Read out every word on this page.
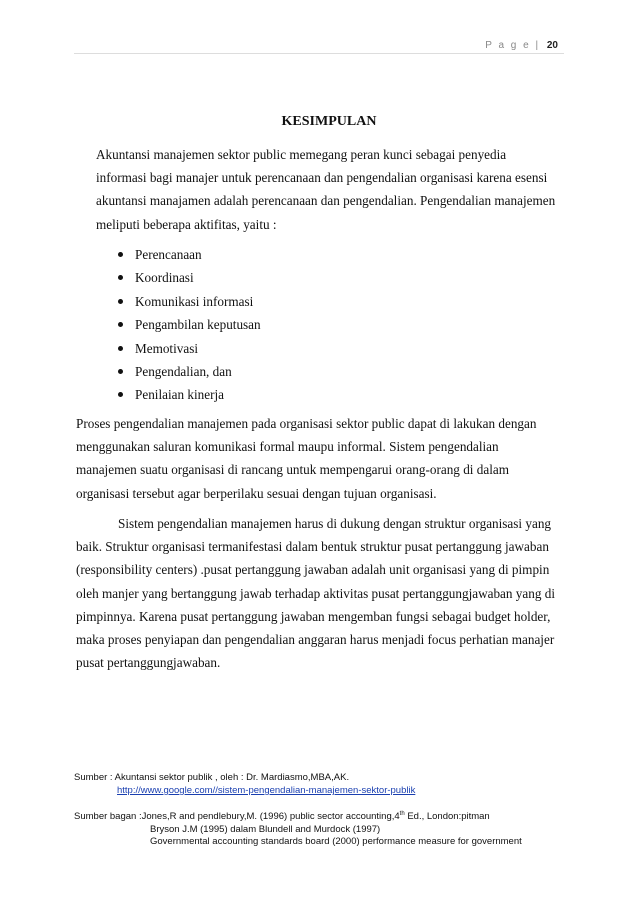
P a g e | 20
KESIMPULAN

Akuntansi manajemen sektor public memegang peran kunci sebagai penyedia informasi bagi manajer untuk perencanaan dan pengendalian organisasi karena esensi akuntansi manajamen adalah perencanaan dan pengendalian. Pengendalian manajemen meliputi beberapa aktifitas, yaitu :

Perencanaan
Koordinasi
Komunikasi informasi
Pengambilan keputusan
Memotivasi
Pengendalian, dan
Penilaian kinerja

Proses pengendalian manajemen pada organisasi sektor public dapat di lakukan dengan menggunakan saluran komunikasi formal maupu informal. Sistem pengendalian manajemen suatu organisasi di rancang untuk mempengarui orang-orang di dalam organisasi tersebut agar berperilaku sesuai dengan tujuan organisasi.

Sistem pengendalian manajemen harus di dukung dengan struktur organisasi yang baik. Struktur organisasi termanifestasi dalam bentuk struktur pusat pertanggung jawaban (responsibility centers) .pusat pertanggung jawaban adalah unit organisasi yang di pimpin oleh manjer yang bertanggung jawab terhadap aktivitas pusat pertanggungjawaban yang di pimpinnya. Karena pusat pertanggung jawaban mengemban fungsi sebagai budget holder, maka proses penyiapan dan pengendalian anggaran harus menjadi focus perhatian manajer pusat pertanggungjawaban.

Sumber : Akuntansi sektor publik , oleh : Dr. Mardiasmo,MBA,AK.
http://www.google.com//sistem-pengendalian-manajemen-sektor-publik
Sumber bagan :Jones,R and pendlebury,M. (1996) public sector accounting,4th Ed., London:pitman
Bryson J.M (1995) dalam Blundell and Murdock (1997)
Governmental accounting standards board (2000) performance measure for government
